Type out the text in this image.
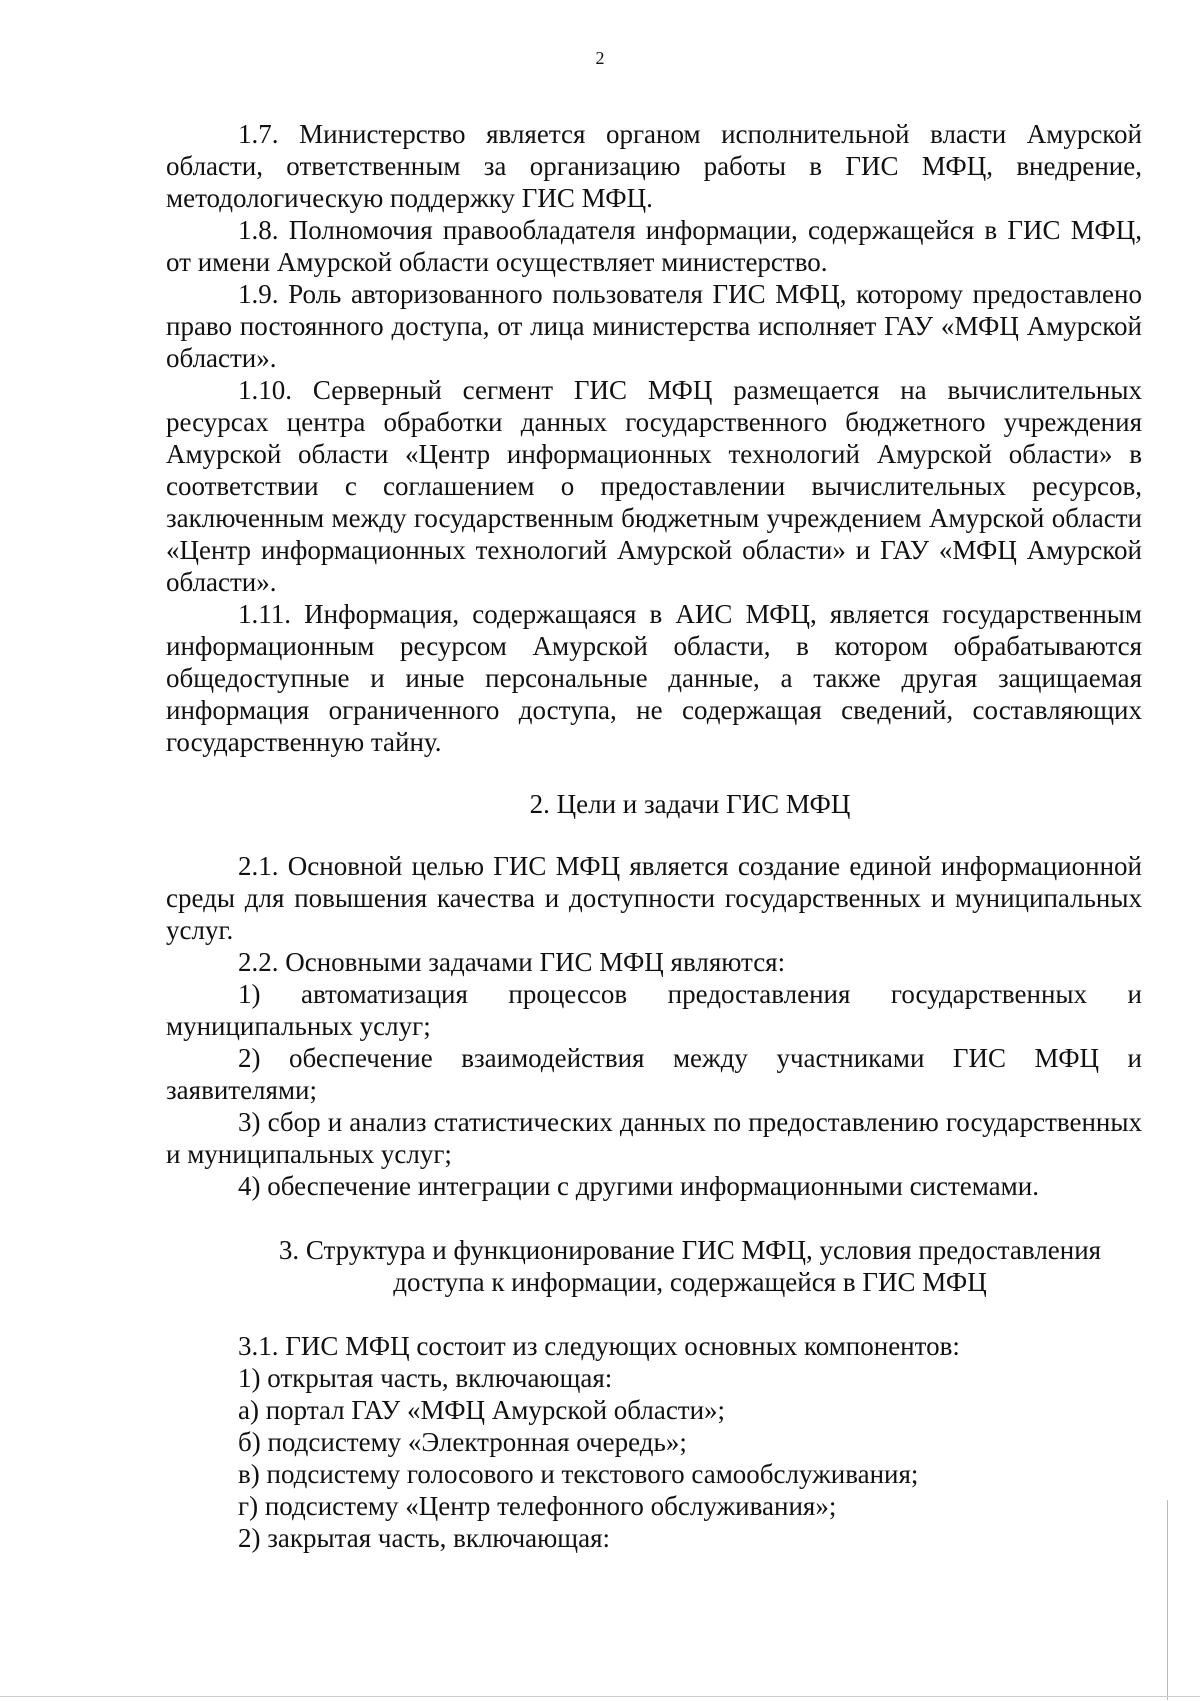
2

1.7. Министерство является органом исполнительной власти Амурской области, ответственным за организацию работы в ГИС МФЦ, внедрение, методологическую поддержку ГИС МФЦ.

1.8. Полномочия правообладателя информации, содержащейся в ГИС МФЦ, от имени Амурской области осуществляет министерство.

1.9. Роль авторизованного пользователя ГИС МФЦ, которому предоставлено право постоянного доступа, от лица министерства исполняет ГАУ «МФЦ Амурской области».

1.10. Серверный сегмент ГИС МФЦ размещается на вычислительных ресурсах центра обработки данных государственного бюджетного учреждения Амурской области «Центр информационных технологий Амурской области» в соответствии с соглашением о предоставлении вычислительных ресурсов, заключенным между государственным бюджетным учреждением Амурской области «Центр информационных технологий Амурской области» и ГАУ «МФЦ Амурской области».

1.11. Информация, содержащаяся в АИС МФЦ, является государственным информационным ресурсом Амурской области, в котором обрабатываются общедоступные и иные персональные данные, а также другая защищаемая информация ограниченного доступа, не содержащая сведений, составляющих государственную тайну.

2. Цели и задачи ГИС МФЦ

2.1. Основной целью ГИС МФЦ является создание единой информационной среды для повышения качества и доступности государственных и муниципальных услуг.

2.2. Основными задачами ГИС МФЦ являются:

1) автоматизация процессов предоставления государственных и муниципальных услуг;

2) обеспечение взаимодействия между участниками ГИС МФЦ и заявителями;

3) сбор и анализ статистических данных по предоставлению государственных и муниципальных услуг;

4) обеспечение интеграции с другими информационными системами.

3. Структура и функционирование ГИС МФЦ, условия предоставления
доступа к информации, содержащейся в ГИС МФЦ

3.1. ГИС МФЦ состоит из следующих основных компонентов:

1) открытая часть, включающая:

а) портал ГАУ «МФЦ Амурской области»;

б) подсистему «Электронная очередь»;

в) подсистему голосового и текстового самообслуживания;

г) подсистему «Центр телефонного обслуживания»;

2) закрытая часть, включающая:
